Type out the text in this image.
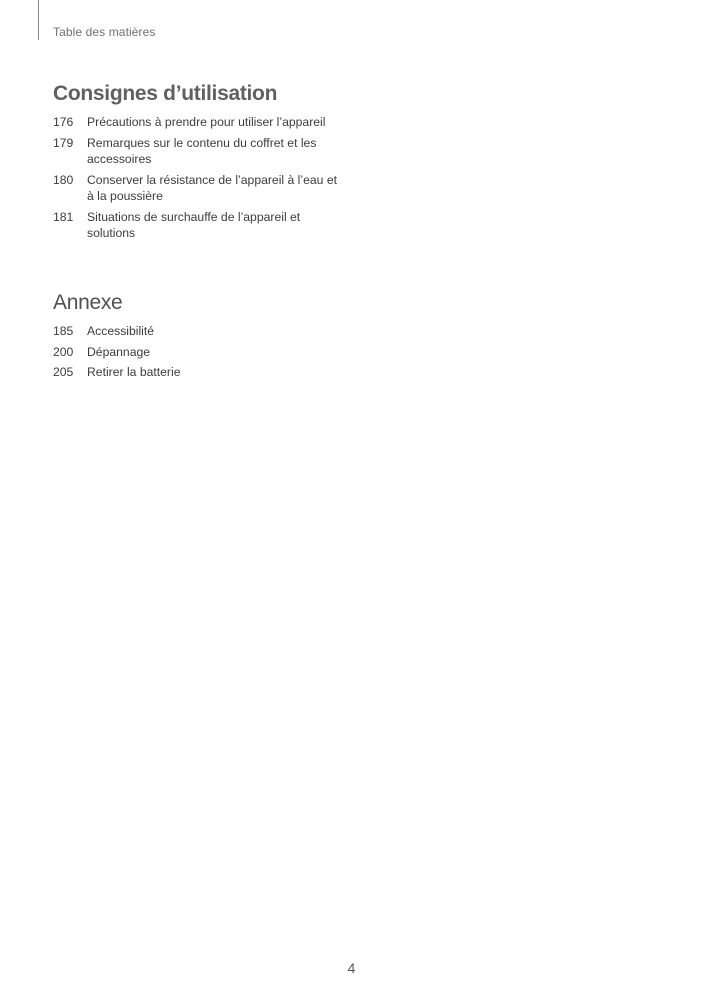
Table des matières
Consignes d’utilisation
176	Précautions à prendre pour utiliser l’appareil
179	Remarques sur le contenu du coffret et les accessoires
180	Conserver la résistance de l’appareil à l’eau et à la poussière
181	Situations de surchauffe de l’appareil et solutions
Annexe
185	Accessibilité
200	Dépannage
205	Retirer la batterie
4
